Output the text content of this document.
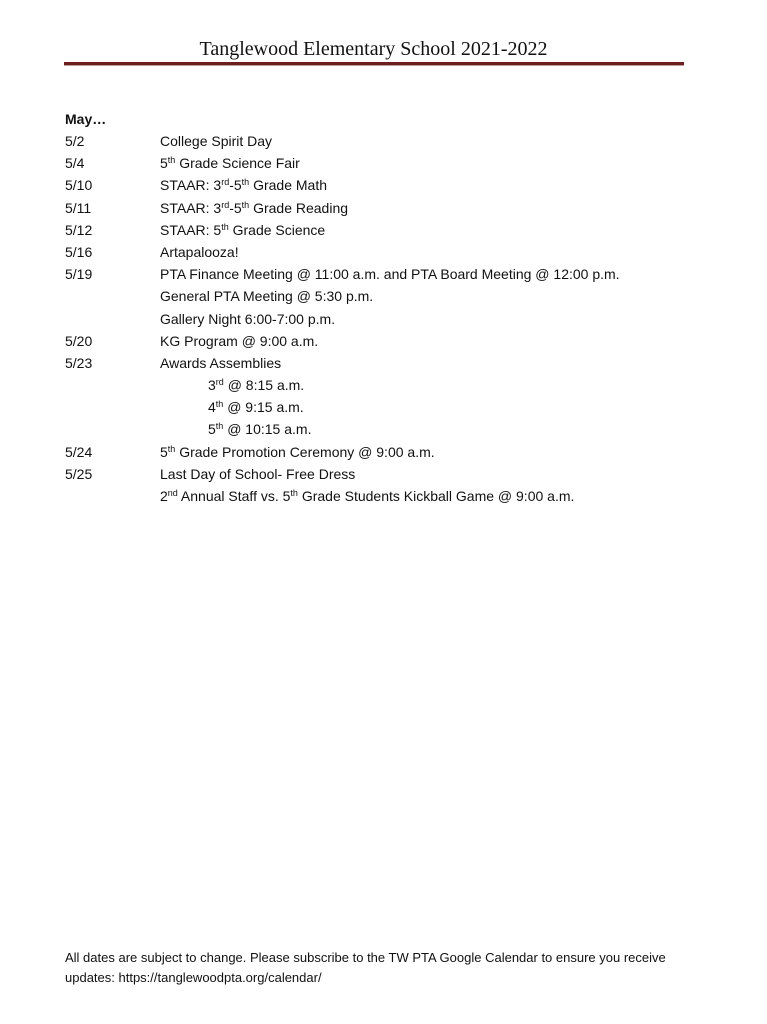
Tanglewood Elementary School 2021-2022
May…
5/2	College Spirit Day
5/4	5th Grade Science Fair
5/10	STAAR: 3rd-5th Grade Math
5/11	STAAR: 3rd-5th Grade Reading
5/12	STAAR: 5th Grade Science
5/16	Artapalooza!
5/19	PTA Finance Meeting @ 11:00 a.m. and PTA Board Meeting @ 12:00 p.m.
General PTA Meeting @ 5:30 p.m.
Gallery Night 6:00-7:00 p.m.
5/20	KG Program @ 9:00 a.m.
5/23	Awards Assemblies
3rd @ 8:15 a.m.
4th @ 9:15 a.m.
5th @ 10:15 a.m.
5/24	5th Grade Promotion Ceremony @ 9:00 a.m.
5/25	Last Day of School- Free Dress
2nd Annual Staff vs. 5th Grade Students Kickball Game @ 9:00 a.m.

All dates are subject to change. Please subscribe to the TW PTA Google Calendar to ensure you receive updates: https://tanglewoodpta.org/calendar/
